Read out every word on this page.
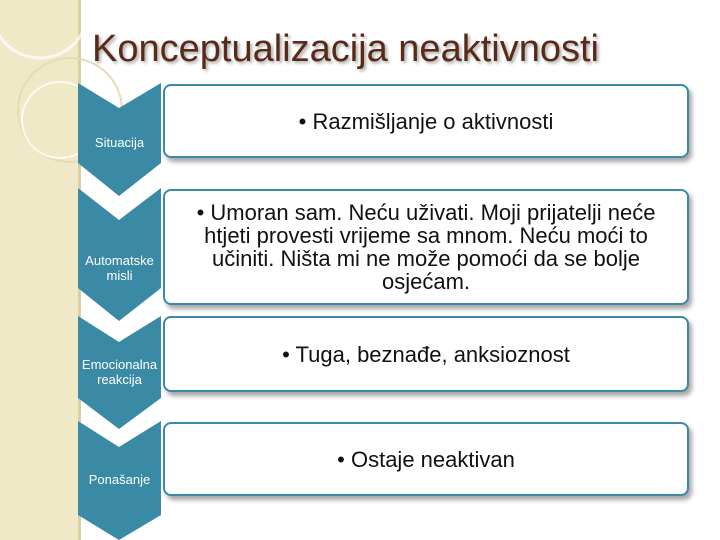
Konceptualizacija neaktivnosti
Situacija
• Razmišljanje o aktivnosti
Automatske misli
• Umoran sam. Neću uživati. Moji prijatelji neće htjeti provesti vrijeme sa mnom. Neću moći to učiniti. Ništa mi ne može pomoći da se bolje osjećam.
Emocionalna reakcija
• Tuga, beznađe, anksioznost
Ponašanje
• Ostaje neaktivan
